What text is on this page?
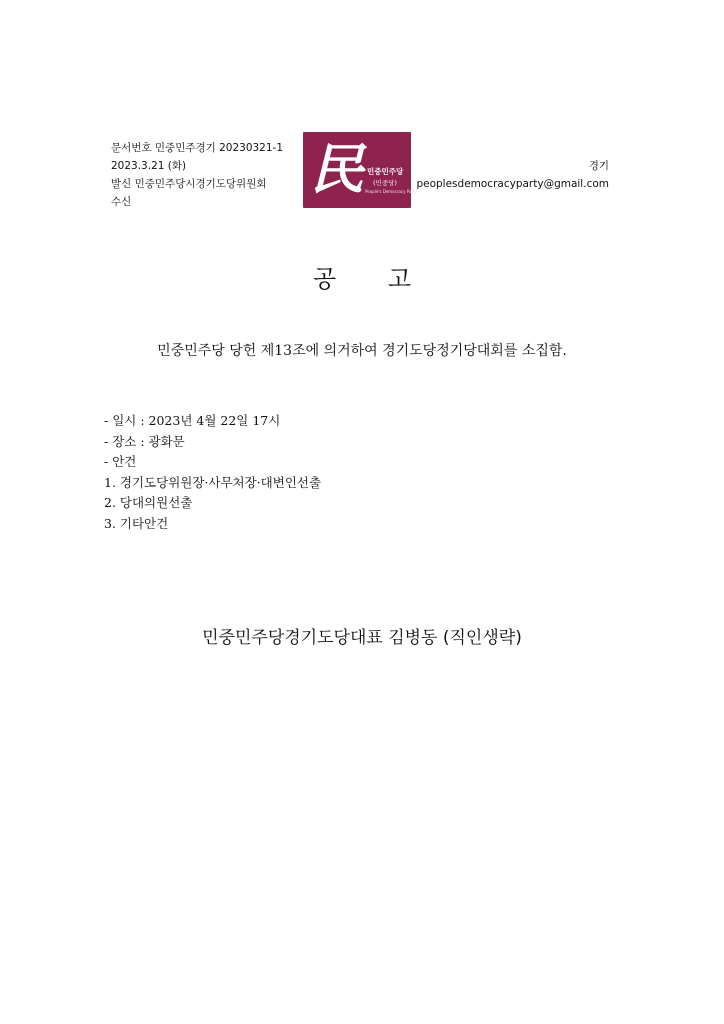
문서번호 민중민주경기 20230321-1
2023.3.21 (화)
발신 민중민주당시경기도당위원회
수신
民 민중민주당
(민중당)
People's Democracy Party
경기
peoplesdemocracyparty@gmail.com
공 고
민중민주당 당헌 제13조에 의거하여 경기도당정기당대회를 소집함.
- 일시 : 2023년 4월 22일 17시
- 장소 : 광화문
- 안건
1. 경기도당위원장·사무처장·대변인선출
2. 당대의원선출
3. 기타안건
민중민주당경기도당대표 김병동 (직인생략)
